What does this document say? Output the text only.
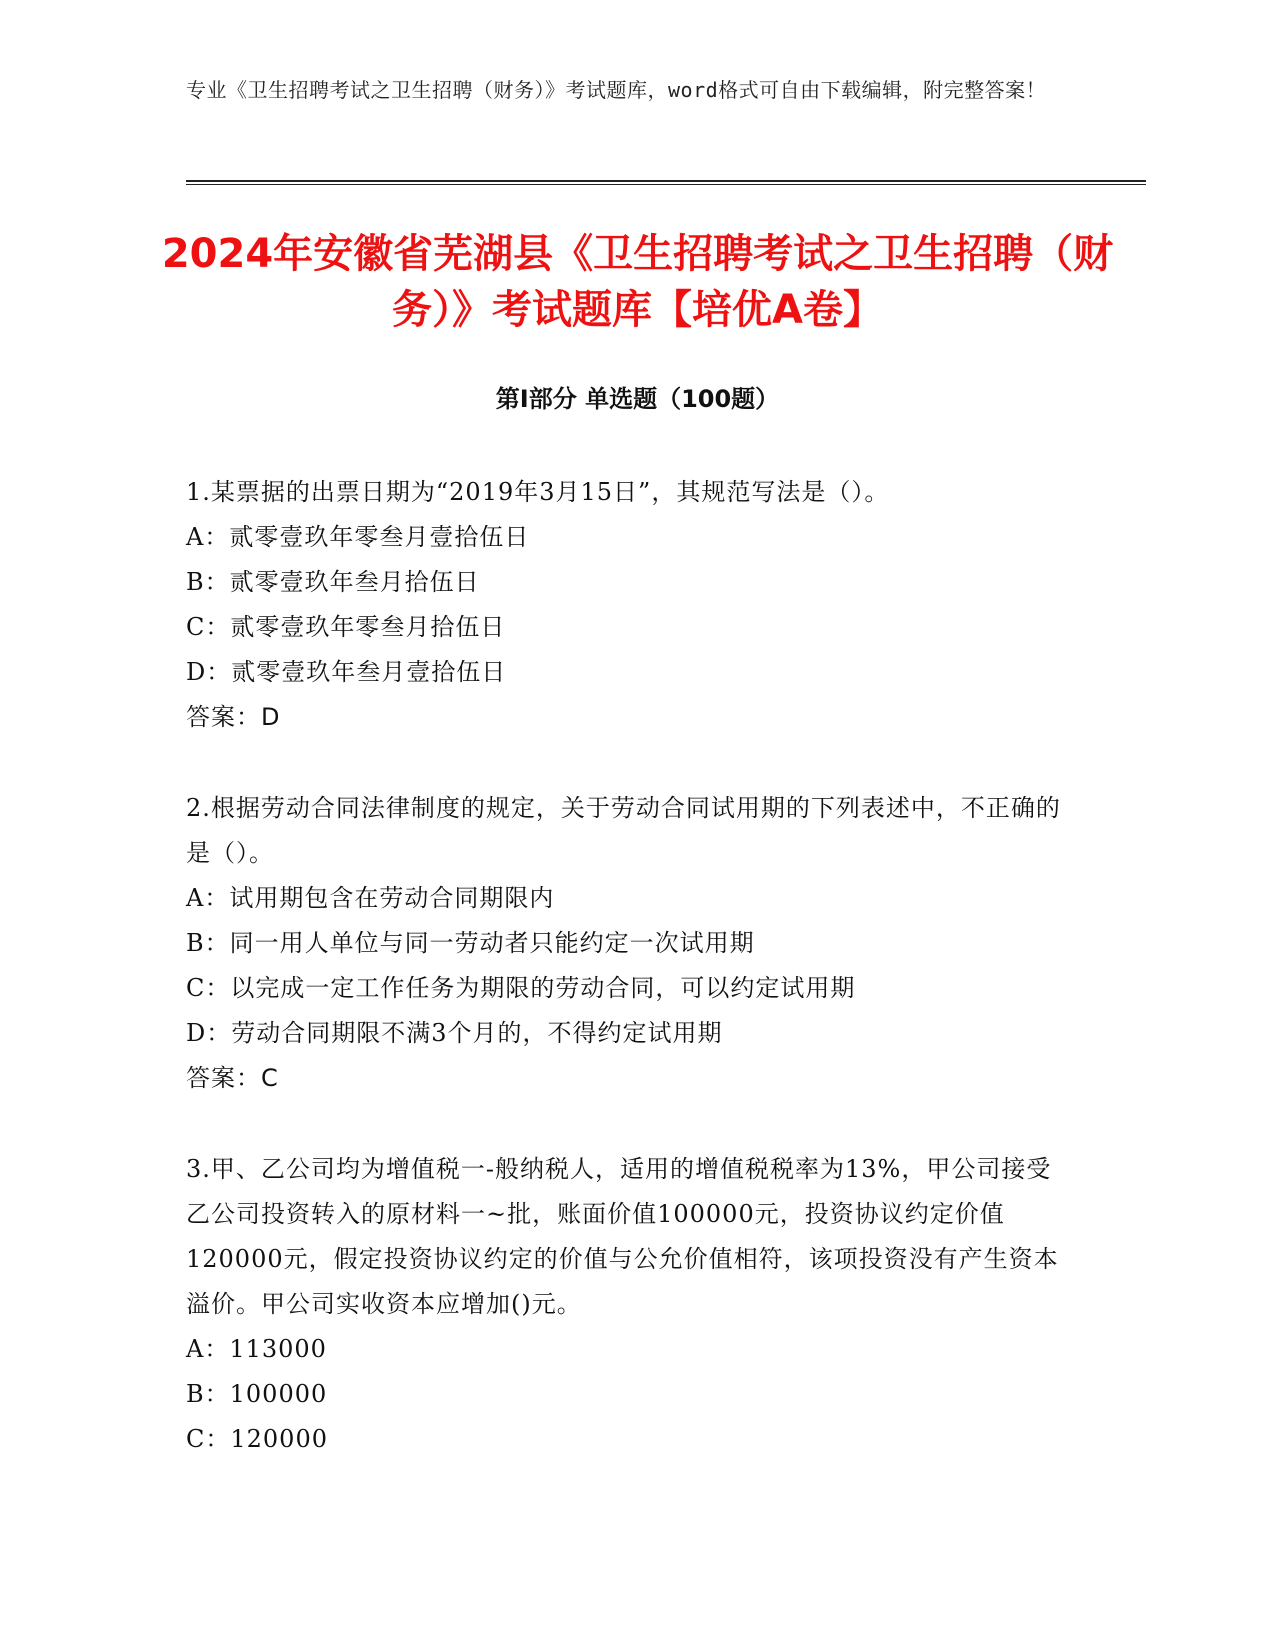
专业《卫生招聘考试之卫生招聘（财务）》考试题库，word格式可自由下载编辑，附完整答案！
2024年安徽省芜湖县《卫生招聘考试之卫生招聘（财务）》考试题库【培优A卷】
第Ⅰ部分 单选题（100题）

1.某票据的出票日期为“2019年3月15日”，其规范写法是（）。

A：贰零壹玖年零叁月壹拾伍日

B：贰零壹玖年叁月拾伍日

C：贰零壹玖年零叁月拾伍日

D：贰零壹玖年叁月壹拾伍日

答案：D

2.根据劳动合同法律制度的规定，关于劳动合同试用期的下列表述中，不正确的是（）。

A：试用期包含在劳动合同期限内

B：同一用人单位与同一劳动者只能约定一次试用期

C：以完成一定工作任务为期限的劳动合同，可以约定试用期

D：劳动合同期限不满3个月的，不得约定试用期

答案：C

3.甲、乙公司均为增值税一-般纳税人，适用的增值税税率为13%，甲公司接受乙公司投资转入的原材料一~批，账面价值100000元，投资协议约定价值120000元，假定投资协议约定的价值与公允价值相符，该项投资没有产生资本溢价。甲公司实收资本应增加()元。

A：113000

B：100000

C：120000
